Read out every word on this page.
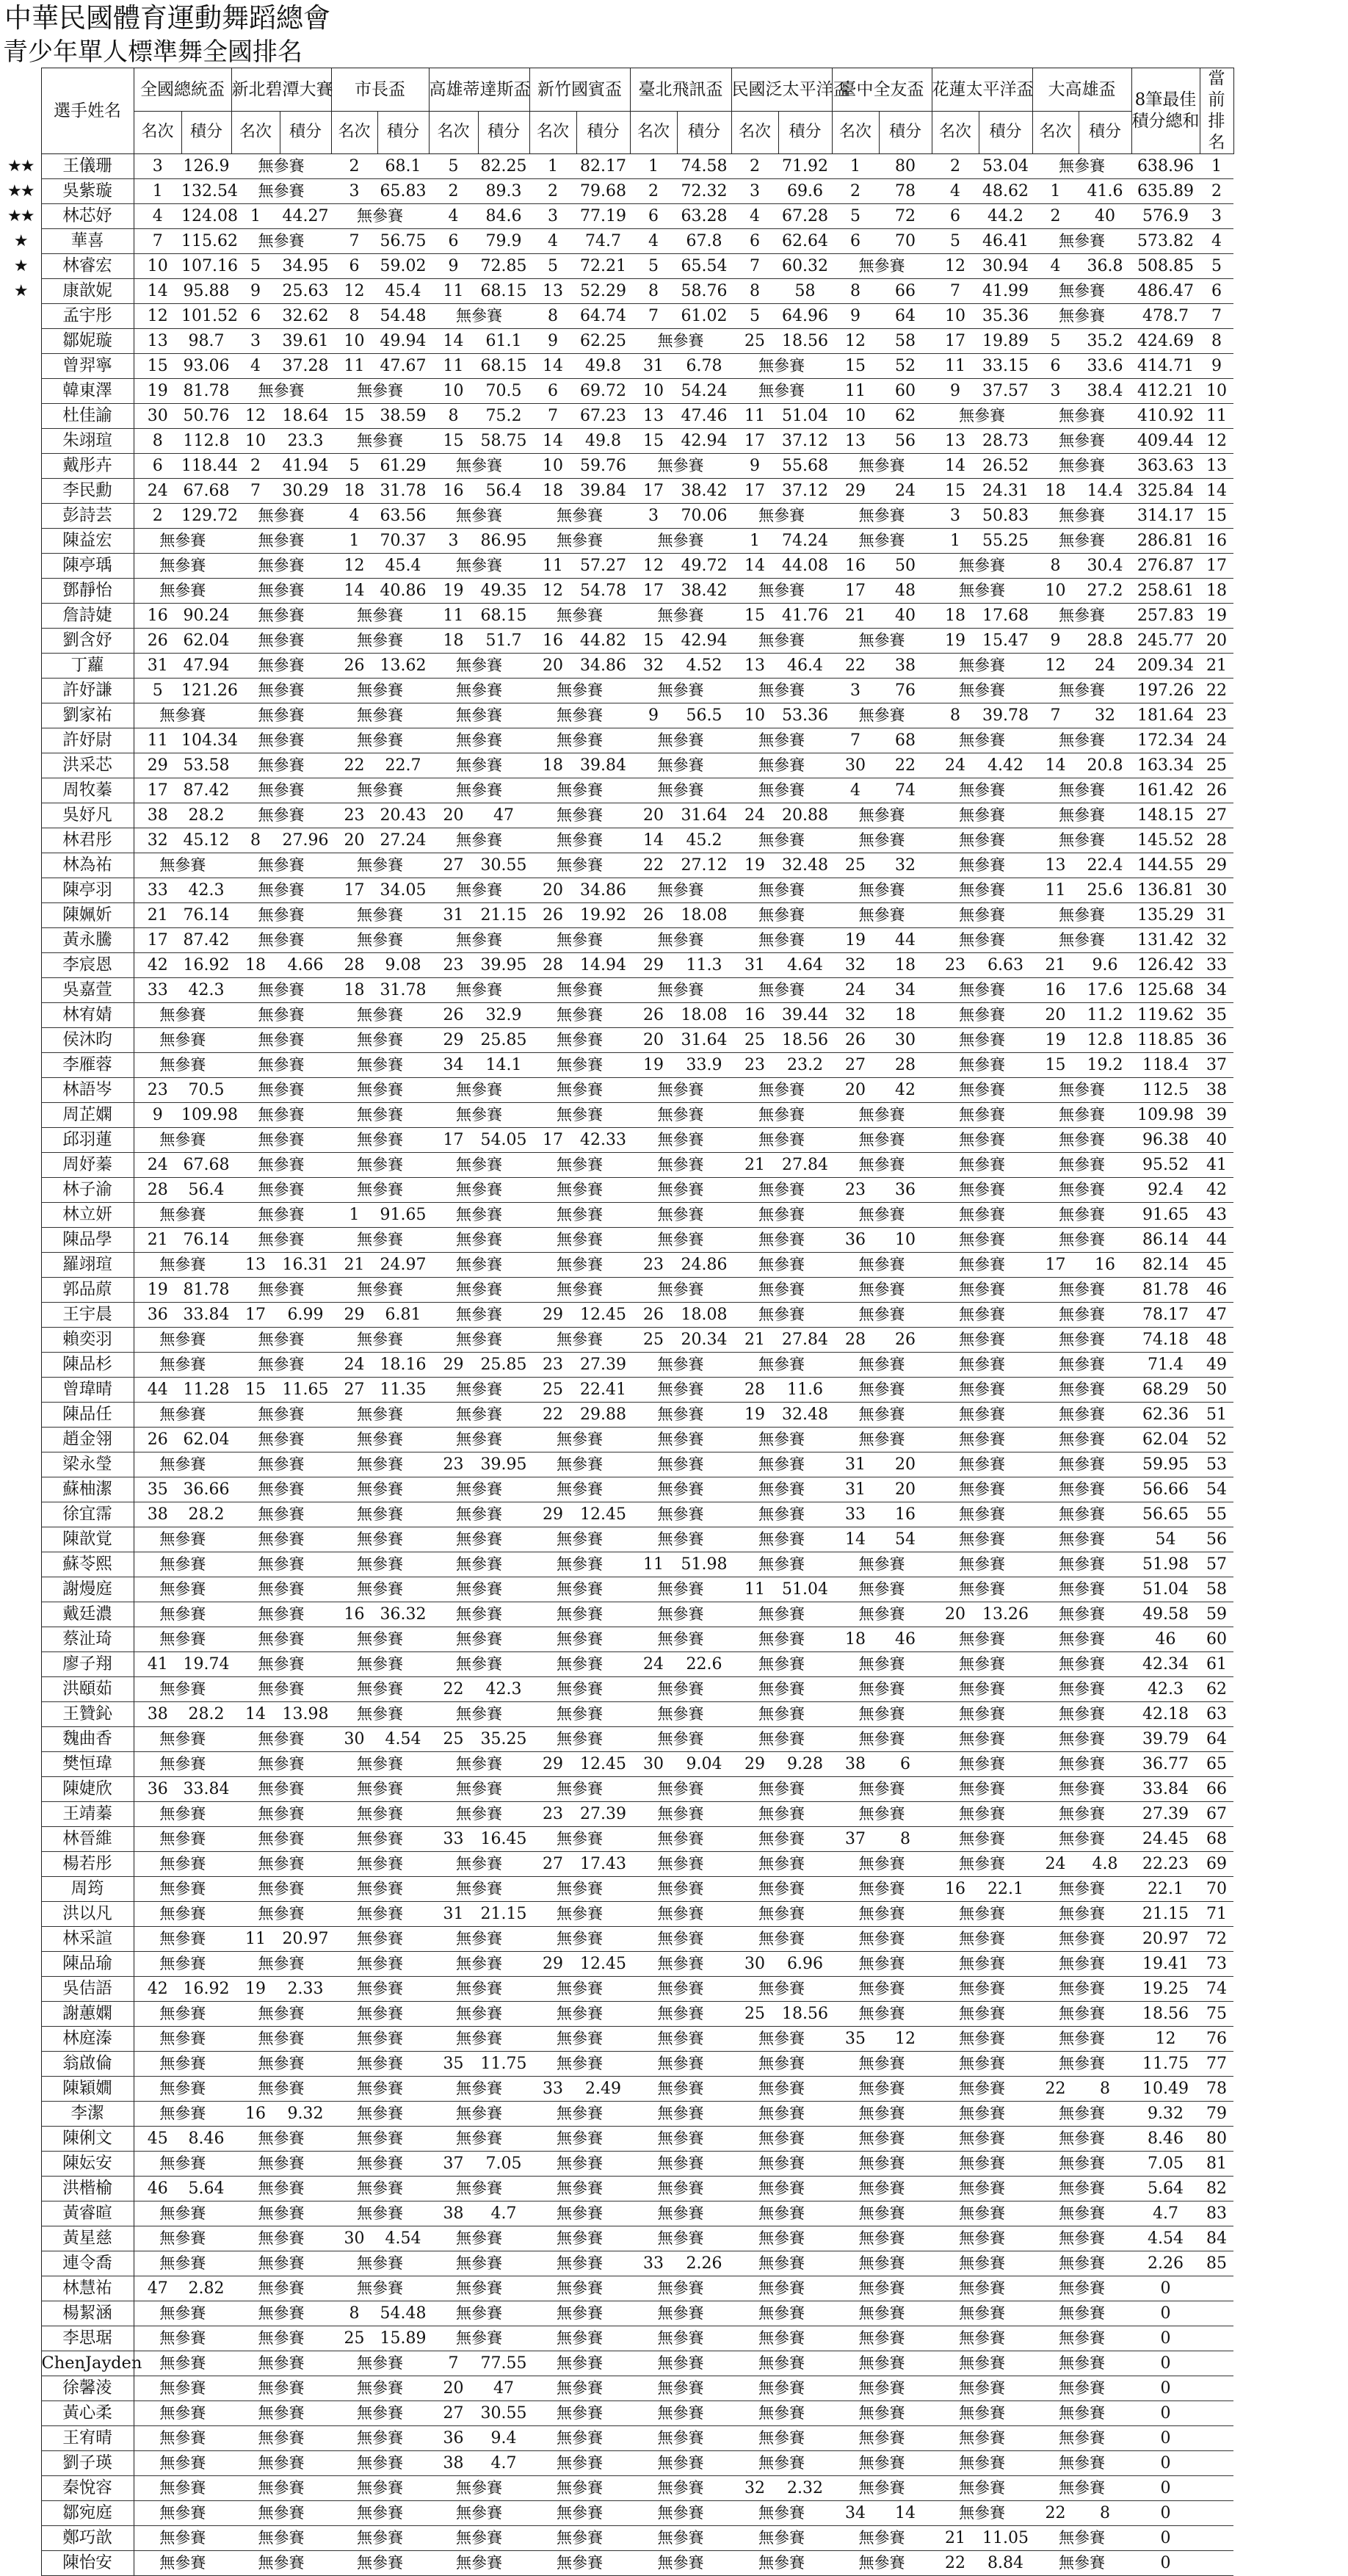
中華民國體育運動舞蹈總會
青少年單人標準舞全國排名
	選手姓名	全國總統盃		新北碧潭大賽		市長盃		高雄蒂達斯盃		新竹國賓盃		臺北飛訊盃		民國泛太平洋盃		臺中全友盃		花蓮太平洋盃		大高雄盃		8筆最佳積分總和	當前排名
		名次	積分	名次	積分	名次	積分	名次	積分	名次	積分	名次	積分	名次	積分	名次	積分	名次	積分	名次	積分		
★★	王儀珊	3	126.9	無參賽		2	68.1	5	82.25	1	82.17	1	74.58	2	71.92	1	80	2	53.04	無參賽		638.96	1
★★	吳紫璇	1	132.54	無參賽		3	65.83	2	89.3	2	79.68	2	72.32	3	69.6	2	78	4	48.62	1	41.6	635.89	2
★★	林芯妤	4	124.08	1	44.27	無參賽		4	84.6	3	77.19	6	63.28	4	67.28	5	72	6	44.2	2	40	576.9	3
★	華喜	7	115.62	無參賽		7	56.75	6	79.9	4	74.7	4	67.8	6	62.64	6	70	5	46.41	無參賽		573.82	4
★	林睿宏	10	107.16	5	34.95	6	59.02	9	72.85	5	72.21	5	65.54	7	60.32	無參賽		12	30.94	4	36.8	508.85	5
★	康歆妮	14	95.88	9	25.63	12	45.4	11	68.15	13	52.29	8	58.76	8	58	8	66	7	41.99	無參賽		486.47	6
	孟宇彤	12	101.52	6	32.62	8	54.48	無參賽		8	64.74	7	61.02	5	64.96	9	64	10	35.36	無參賽		478.7	7
	鄒妮璇	13	98.7	3	39.61	10	49.94	14	61.1	9	62.25	無參賽		25	18.56	12	58	17	19.89	5	35.2	424.69	8
	曾羿寧	15	93.06	4	37.28	11	47.67	11	68.15	14	49.8	31	6.78	無參賽		15	52	11	33.15	6	33.6	414.71	9
	韓東澤	19	81.78	無參賽		無參賽		10	70.5	6	69.72	10	54.24	無參賽		11	60	9	37.57	3	38.4	412.21	10
	杜佳諭	30	50.76	12	18.64	15	38.59	8	75.2	7	67.23	13	47.46	11	51.04	10	62	無參賽		無參賽		410.92	11
	朱翊瑄	8	112.8	10	23.3	無參賽		15	58.75	14	49.8	15	42.94	17	37.12	13	56	13	28.73	無參賽		409.44	12
	戴彤卉	6	118.44	2	41.94	5	61.29	無參賽		10	59.76	無參賽		9	55.68	無參賽		14	26.52	無參賽		363.63	13
	李民勳	24	67.68	7	30.29	18	31.78	16	56.4	18	39.84	17	38.42	17	37.12	29	24	15	24.31	18	14.4	325.84	14
	彭詩芸	2	129.72	無參賽		4	63.56	無參賽		無參賽		3	70.06	無參賽		無參賽		3	50.83	無參賽		314.17	15
	陳益宏	無參賽		無參賽		1	70.37	3	86.95	無參賽		無參賽		1	74.24	無參賽		1	55.25	無參賽		286.81	16
	陳亭瑀	無參賽		無參賽		12	45.4	無參賽		11	57.27	12	49.72	14	44.08	16	50	無參賽		8	30.4	276.87	17
	鄧靜怡	無參賽		無參賽		14	40.86	19	49.35	12	54.78	17	38.42	無參賽		17	48	無參賽		10	27.2	258.61	18
	詹詩婕	16	90.24	無參賽		無參賽		11	68.15	無參賽		無參賽		15	41.76	21	40	18	17.68	無參賽		257.83	19
	劉含妤	26	62.04	無參賽		無參賽		18	51.7	16	44.82	15	42.94	無參賽		無參賽		19	15.47	9	28.8	245.77	20
	丁蘿	31	47.94	無參賽		26	13.62	無參賽		20	34.86	32	4.52	13	46.4	22	38	無參賽		12	24	209.34	21
	許妤謙	5	121.26	無參賽		無參賽		無參賽		無參賽		無參賽		無參賽		3	76	無參賽		無參賽		197.26	22
	劉家祐	無參賽		無參賽		無參賽		無參賽		無參賽		9	56.5	10	53.36	無參賽		8	39.78	7	32	181.64	23
	許妤尉	11	104.34	無參賽		無參賽		無參賽		無參賽		無參賽		無參賽		7	68	無參賽		無參賽		172.34	24
	洪采芯	29	53.58	無參賽		22	22.7	無參賽		18	39.84	無參賽		無參賽		30	22	24	4.42	14	20.8	163.34	25
	周牧蓁	17	87.42	無參賽		無參賽		無參賽		無參賽		無參賽		無參賽		4	74	無參賽		無參賽		161.42	26
	吳妤凡	38	28.2	無參賽		23	20.43	20	47	無參賽		20	31.64	24	20.88	無參賽		無參賽		無參賽		148.15	27
	林君彤	32	45.12	8	27.96	20	27.24	無參賽		無參賽		14	45.2	無參賽		無參賽		無參賽		無參賽		145.52	28
	林為祐	無參賽		無參賽		無參賽		27	30.55	無參賽		22	27.12	19	32.48	25	32	無參賽		13	22.4	144.55	29
	陳亭羽	33	42.3	無參賽		17	34.05	無參賽		20	34.86	無參賽		無參賽		無參賽		無參賽		11	25.6	136.81	30
	陳姵妡	21	76.14	無參賽		無參賽		31	21.15	26	19.92	26	18.08	無參賽		無參賽		無參賽		無參賽		135.29	31
	黃永騰	17	87.42	無參賽		無參賽		無參賽		無參賽		無參賽		無參賽		19	44	無參賽		無參賽		131.42	32
	李宸恩	42	16.92	18	4.66	28	9.08	23	39.95	28	14.94	29	11.3	31	4.64	32	18	23	6.63	21	9.6	126.42	33
	吳嘉萱	33	42.3	無參賽		18	31.78	無參賽		無參賽		無參賽		無參賽		24	34	無參賽		16	17.6	125.68	34
	林宥婧	無參賽		無參賽		無參賽		26	32.9	無參賽		26	18.08	16	39.44	32	18	無參賽		20	11.2	119.62	35
	侯沐昀	無參賽		無參賽		無參賽		29	25.85	無參賽		20	31.64	25	18.56	26	30	無參賽		19	12.8	118.85	36
	李雁蓉	無參賽		無參賽		無參賽		34	14.1	無參賽		19	33.9	23	23.2	27	28	無參賽		15	19.2	118.4	37
	林語岑	23	70.5	無參賽		無參賽		無參賽		無參賽		無參賽		無參賽		20	42	無參賽		無參賽		112.5	38
	周芷嫻	9	109.98	無參賽		無參賽		無參賽		無參賽		無參賽		無參賽		無參賽		無參賽		無參賽		109.98	39
	邱羽蓮	無參賽		無參賽		無參賽		17	54.05	17	42.33	無參賽		無參賽		無參賽		無參賽		無參賽		96.38	40
	周妤蓁	24	67.68	無參賽		無參賽		無參賽		無參賽		無參賽		21	27.84	無參賽		無參賽		無參賽		95.52	41
	林子渝	28	56.4	無參賽		無參賽		無參賽		無參賽		無參賽		無參賽		23	36	無參賽		無參賽		92.4	42
	林立妍	無參賽		無參賽		1	91.65	無參賽		無參賽		無參賽		無參賽		無參賽		無參賽		無參賽		91.65	43
	陳品學	21	76.14	無參賽		無參賽		無參賽		無參賽		無參賽		無參賽		36	10	無參賽		無參賽		86.14	44
	羅翊瑄	無參賽		13	16.31	21	24.97	無參賽		無參賽		23	24.86	無參賽		無參賽		無參賽		17	16	82.14	45
	郭品蒝	19	81.78	無參賽		無參賽		無參賽		無參賽		無參賽		無參賽		無參賽		無參賽		無參賽		81.78	46
	王宇晨	36	33.84	17	6.99	29	6.81	無參賽		29	12.45	26	18.08	無參賽		無參賽		無參賽		無參賽		78.17	47
	賴奕羽	無參賽		無參賽		無參賽		無參賽		無參賽		25	20.34	21	27.84	28	26	無參賽		無參賽		74.18	48
	陳品杉	無參賽		無參賽		24	18.16	29	25.85	23	27.39	無參賽		無參賽		無參賽		無參賽		無參賽		71.4	49
	曾瑋晴	44	11.28	15	11.65	27	11.35	無參賽		25	22.41	無參賽		28	11.6	無參賽		無參賽		無參賽		68.29	50
	陳品任	無參賽		無參賽		無參賽		無參賽		22	29.88	無參賽		19	32.48	無參賽		無參賽		無參賽		62.36	51
	趙金翎	26	62.04	無參賽		無參賽		無參賽		無參賽		無參賽		無參賽		無參賽		無參賽		無參賽		62.04	52
	梁永瑩	無參賽		無參賽		無參賽		23	39.95	無參賽		無參賽		無參賽		31	20	無參賽		無參賽		59.95	53
	蘇柚潔	35	36.66	無參賽		無參賽		無參賽		無參賽		無參賽		無參賽		31	20	無參賽		無參賽		56.66	54
	徐宜霈	38	28.2	無參賽		無參賽		無參賽		29	12.45	無參賽		無參賽		33	16	無參賽		無參賽		56.65	55
	陳歆覚	無參賽		無參賽		無參賽		無參賽		無參賽		無參賽		無參賽		14	54	無參賽		無參賽		54	56
	蘇苓熙	無參賽		無參賽		無參賽		無參賽		無參賽		11	51.98	無參賽		無參賽		無參賽		無參賽		51.98	57
	謝熳庭	無參賽		無參賽		無參賽		無參賽		無參賽		無參賽		11	51.04	無參賽		無參賽		無參賽		51.04	58
	戴廷濃	無參賽		無參賽		16	36.32	無參賽		無參賽		無參賽		無參賽		無參賽		20	13.26	無參賽		49.58	59
	蔡沚琦	無參賽		無參賽		無參賽		無參賽		無參賽		無參賽		無參賽		18	46	無參賽		無參賽		46	60
	廖子翔	41	19.74	無參賽		無參賽		無參賽		無參賽		24	22.6	無參賽		無參賽		無參賽		無參賽		42.34	61
	洪頤茹	無參賽		無參賽		無參賽		22	42.3	無參賽		無參賽		無參賽		無參賽		無參賽		無參賽		42.3	62
	王贊鈊	38	28.2	14	13.98	無參賽		無參賽		無參賽		無參賽		無參賽		無參賽		無參賽		無參賽		42.18	63
	魏曲香	無參賽		無參賽		30	4.54	25	35.25	無參賽		無參賽		無參賽		無參賽		無參賽		無參賽		39.79	64
	樊恒瑋	無參賽		無參賽		無參賽		無參賽		29	12.45	30	9.04	29	9.28	38	6	無參賽		無參賽		36.77	65
	陳婕欣	36	33.84	無參賽		無參賽		無參賽		無參賽		無參賽		無參賽		無參賽		無參賽		無參賽		33.84	66
	王靖蓁	無參賽		無參賽		無參賽		無參賽		23	27.39	無參賽		無參賽		無參賽		無參賽		無參賽		27.39	67
	林晉維	無參賽		無參賽		無參賽		33	16.45	無參賽		無參賽		無參賽		37	8	無參賽		無參賽		24.45	68
	楊若彤	無參賽		無參賽		無參賽		無參賽		27	17.43	無參賽		無參賽		無參賽		無參賽		24	4.8	22.23	69
	周筠	無參賽		無參賽		無參賽		無參賽		無參賽		無參賽		無參賽		無參賽		16	22.1	無參賽		22.1	70
	洪以凡	無參賽		無參賽		無參賽		31	21.15	無參賽		無參賽		無參賽		無參賽		無參賽		無參賽		21.15	71
	林采諠	無參賽		11	20.97	無參賽		無參賽		無參賽		無參賽		無參賽		無參賽		無參賽		無參賽		20.97	72
	陳品瑜	無參賽		無參賽		無參賽		無參賽		29	12.45	無參賽		30	6.96	無參賽		無參賽		無參賽		19.41	73
	吳佶語	42	16.92	19	2.33	無參賽		無參賽		無參賽		無參賽		無參賽		無參賽		無參賽		無參賽		19.25	74
	謝蕙嫻	無參賽		無參賽		無參賽		無參賽		無參賽		無參賽		25	18.56	無參賽		無參賽		無參賽		18.56	75
	林庭溱	無參賽		無參賽		無參賽		無參賽		無參賽		無參賽		無參賽		35	12	無參賽		無參賽		12	76
	翁啟倫	無參賽		無參賽		無參賽		35	11.75	無參賽		無參賽		無參賽		無參賽		無參賽		無參賽		11.75	77
	陳穎嫺	無參賽		無參賽		無參賽		無參賽		33	2.49	無參賽		無參賽		無參賽		無參賽		22	8	10.49	78
	李潔	無參賽		16	9.32	無參賽		無參賽		無參賽		無參賽		無參賽		無參賽		無參賽		無參賽		9.32	79
	陳俐文	45	8.46	無參賽		無參賽		無參賽		無參賽		無參賽		無參賽		無參賽		無參賽		無參賽		8.46	80
	陳妘安	無參賽		無參賽		無參賽		37	7.05	無參賽		無參賽		無參賽		無參賽		無參賽		無參賽		7.05	81
	洪楷榆	46	5.64	無參賽		無參賽		無參賽		無參賽		無參賽		無參賽		無參賽		無參賽		無參賽		5.64	82
	黃睿暄	無參賽		無參賽		無參賽		38	4.7	無參賽		無參賽		無參賽		無參賽		無參賽		無參賽		4.7	83
	黃星慈	無參賽		無參賽		30	4.54	無參賽		無參賽		無參賽		無參賽		無參賽		無參賽		無參賽		4.54	84
	連令喬	無參賽		無參賽		無參賽		無參賽		無參賽		33	2.26	無參賽		無參賽		無參賽		無參賽		2.26	85
	林慧祐	47	2.82	無參賽		無參賽		無參賽		無參賽		無參賽		無參賽		無參賽		無參賽		無參賽		0	
	楊絜涵	無參賽		無參賽		8	54.48	無參賽		無參賽		無參賽		無參賽		無參賽		無參賽		無參賽		0	
	李思琚	無參賽		無參賽		25	15.89	無參賽		無參賽		無參賽		無參賽		無參賽		無參賽		無參賽		0	
	ChenJayden	無參賽		無參賽		無參賽		7	77.55	無參賽		無參賽		無參賽		無參賽		無參賽		無參賽		0	
	徐馨淩	無參賽		無參賽		無參賽		20	47	無參賽		無參賽		無參賽		無參賽		無參賽		無參賽		0	
	黃心柔	無參賽		無參賽		無參賽		27	30.55	無參賽		無參賽		無參賽		無參賽		無參賽		無參賽		0	
	王宥晴	無參賽		無參賽		無參賽		36	9.4	無參賽		無參賽		無參賽		無參賽		無參賽		無參賽		0	
	劉子瑛	無參賽		無參賽		無參賽		38	4.7	無參賽		無參賽		無參賽		無參賽		無參賽		無參賽		0	
	秦悅容	無參賽		無參賽		無參賽		無參賽		無參賽		無參賽		32	2.32	無參賽		無參賽		無參賽		0	
	鄒宛庭	無參賽		無參賽		無參賽		無參賽		無參賽		無參賽		無參賽		34	14	無參賽		22	8	0	
	鄭巧歆	無參賽		無參賽		無參賽		無參賽		無參賽		無參賽		無參賽		無參賽		21	11.05	無參賽		0	
	陳怡安	無參賽		無參賽		無參賽		無參賽		無參賽		無參賽		無參賽		無參賽		22	8.84	無參賽		0	
